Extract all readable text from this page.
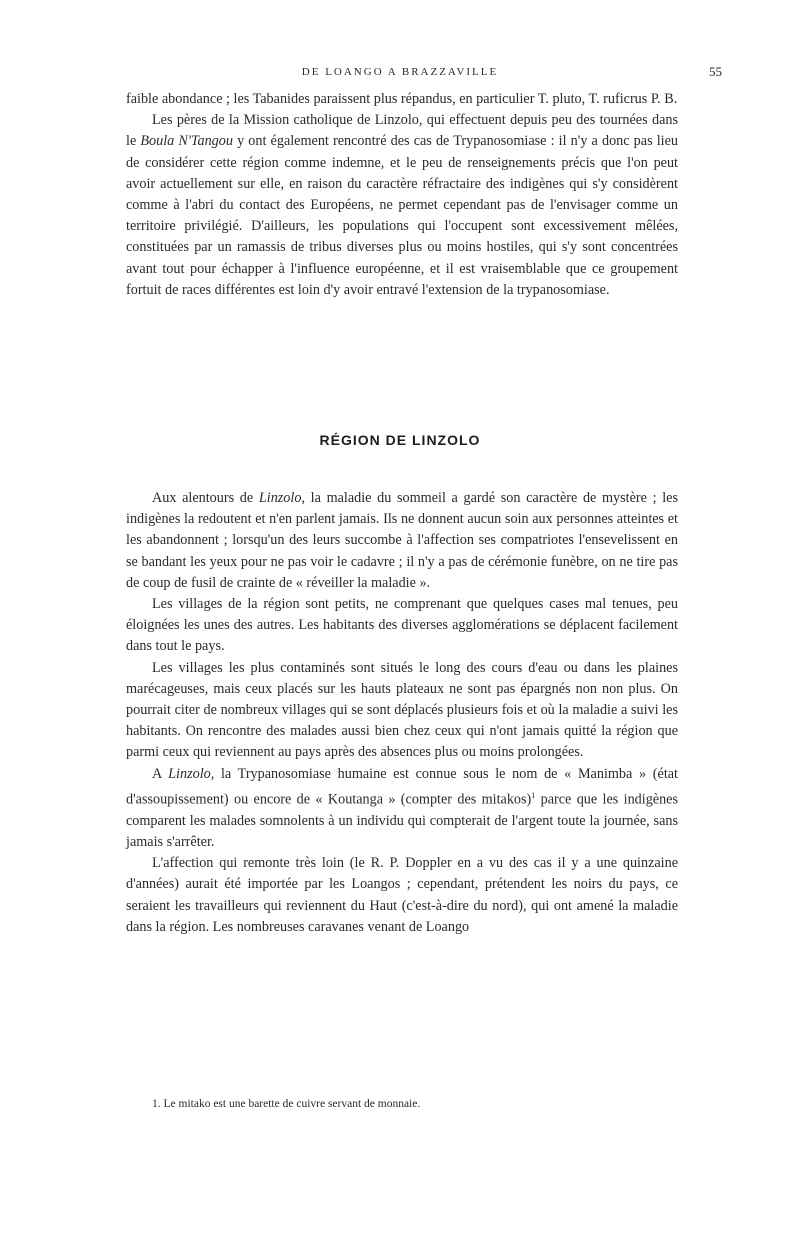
DE LOANGO A BRAZZAVILLE	55

faible abondance ; les Tabanides paraissent plus répandus, en particulier T. pluto, T. ruficrus P. B.

Les pères de la Mission catholique de Linzolo, qui effectuent depuis peu des tournées dans le Boula N'Tangou y ont également rencontré des cas de Trypanosomiase : il n'y a donc pas lieu de considérer cette région comme indemne, et le peu de renseignements précis que l'on peut avoir actuellement sur elle, en raison du caractère réfractaire des indigènes qui s'y considèrent comme à l'abri du contact des Européens, ne permet cependant pas de l'envisager comme un territoire privilégié. D'ailleurs, les populations qui l'occupent sont excessivement mêlées, constituées par un ramassis de tribus diverses plus ou moins hostiles, qui s'y sont concentrées avant tout pour échapper à l'influence européenne, et il est vraisemblable que ce groupement fortuit de races différentes est loin d'y avoir entravé l'extension de la trypanosomiase.

RÉGION DE LINZOLO

Aux alentours de Linzolo, la maladie du sommeil a gardé son caractère de mystère ; les indigènes la redoutent et n'en parlent jamais. Ils ne donnent aucun soin aux personnes atteintes et les abandonnent ; lorsqu'un des leurs succombe à l'affection ses compatriotes l'ensevelissent en se bandant les yeux pour ne pas voir le cadavre ; il n'y a pas de cérémonie funèbre, on ne tire pas de coup de fusil de crainte de « réveiller la maladie ».

Les villages de la région sont petits, ne comprenant que quelques cases mal tenues, peu éloignées les unes des autres. Les habitants des diverses agglomérations se déplacent facilement dans tout le pays.

Les villages les plus contaminés sont situés le long des cours d'eau ou dans les plaines marécageuses, mais ceux placés sur les hauts plateaux ne sont pas épargnés non non plus. On pourrait citer de nombreux villages qui se sont déplacés plusieurs fois et où la maladie a suivi les habitants. On rencontre des malades aussi bien chez ceux qui n'ont jamais quitté la région que parmi ceux qui reviennent au pays après des absences plus ou moins prolongées.

A Linzolo, la Trypanosomiase humaine est connue sous le nom de « Manimba » (état d'assoupissement) ou encore de « Koutanga » (compter des mitakos)$^1$ parce que les indigènes comparent les malades somnolents à un individu qui compterait de l'argent toute la journée, sans jamais s'arrêter.

L'affection qui remonte très loin (le R. P. Doppler en a vu des cas il y a une quinzaine d'années) aurait été importée par les Loangos ; cependant, prétendent les noirs du pays, ce seraient les travailleurs qui reviennent du Haut (c'est-à-dire du nord), qui ont amené la maladie dans la région. Les nombreuses caravanes venant de Loango

1. Le mitako est une barette de cuivre servant de monnaie.
